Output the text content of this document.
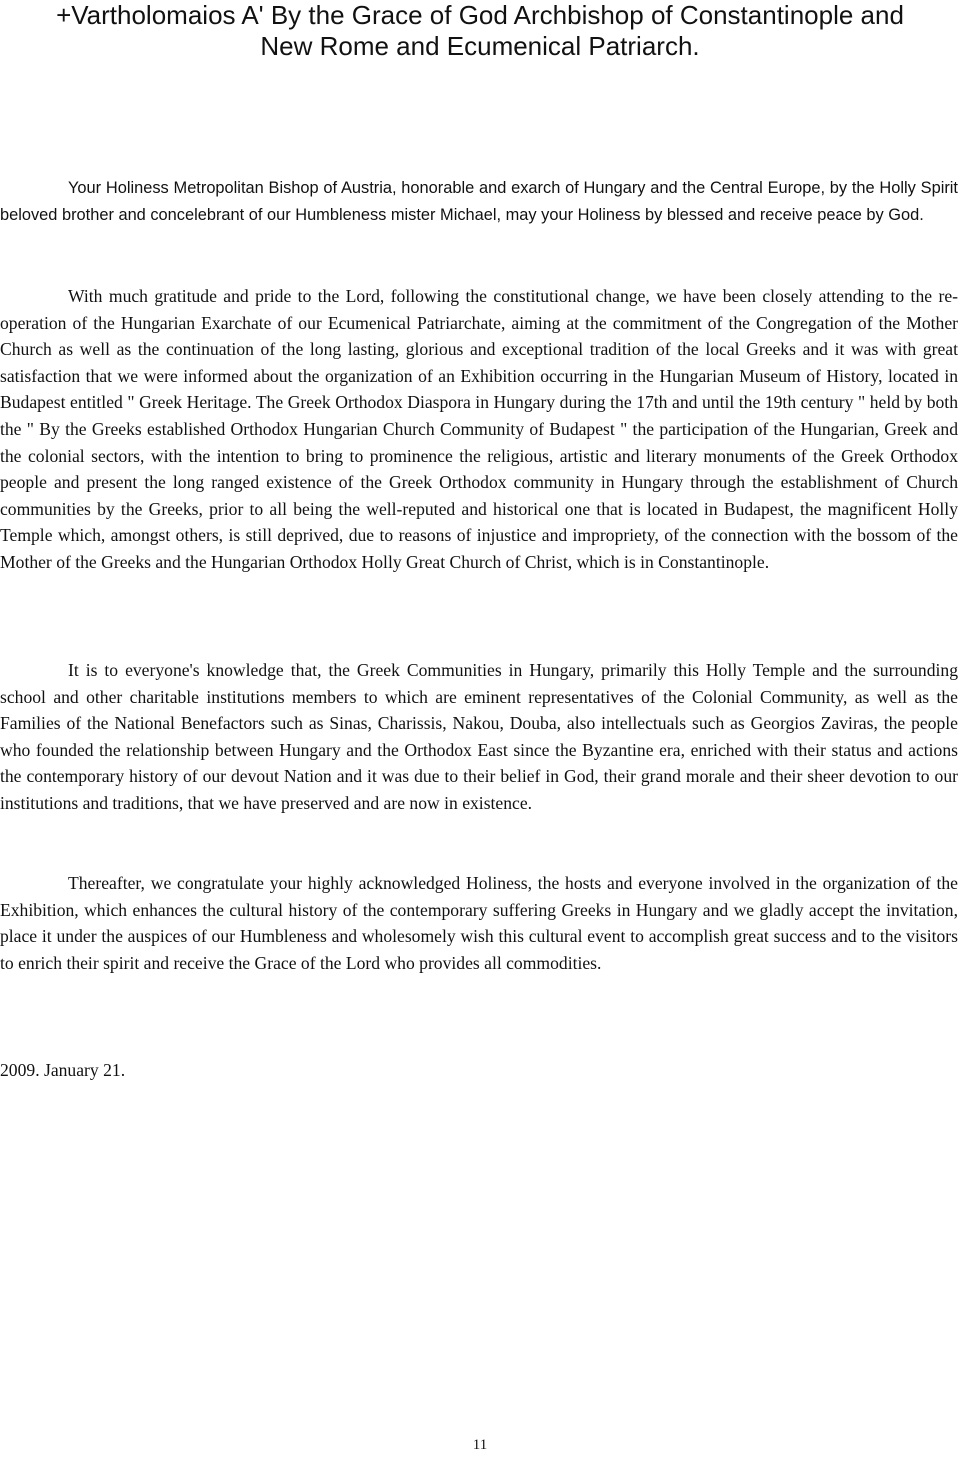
+Vartholomaios A' By the Grace of God Archbishop of Constantinople and
New Rome and Ecumenical Patriarch.

Your Holiness Metropolitan Bishop of Austria, honorable and exarch of Hungary and the Central Europe, by the Holly Spirit beloved brother and concelebrant of our Humbleness mister Michael, may your Holiness by blessed and receive peace by God.

With much gratitude and pride to the Lord, following the constitutional change, we have been closely attending to the re-operation of the Hungarian Exarchate of our Ecumenical Patriarchate, aiming at the commitment of the Congregation of the Mother Church as well as the continuation of the long lasting, glorious and exceptional tradition of the local Greeks and it was with great satisfaction that we were informed about the organization of an Exhibition occurring in the Hungarian Museum of History, located in Budapest entitled " Greek Heritage. The Greek Orthodox Diaspora in Hungary during the 17th and until the 19th century " held by both the " By the Greeks established Orthodox Hungarian Church Community of Budapest " the participation of the Hungarian, Greek and the colonial sectors, with the intention to bring to prominence the religious, artistic and literary monuments of the Greek Orthodox people and present the long ranged existence of the Greek Orthodox community in Hungary through the establishment of Church communities by the Greeks, prior to all being the well-reputed and historical one that is located in Budapest, the magnificent Holly Temple which, amongst others, is still deprived, due to reasons of injustice and impropriety, of the connection with the bossom of the Mother of the Greeks and the Hungarian Orthodox Holly Great Church of Christ, which is in Constantinople.

It is to everyone's knowledge that, the Greek Communities in Hungary, primarily this Holly Temple and the surrounding school and other charitable institutions members to which are eminent representatives of the Colonial Community, as well as the Families of the National Benefactors such as Sinas, Charissis, Nakou, Douba, also intellectuals such as Georgios Zaviras, the people who founded the relationship between Hungary and the Orthodox East since the Byzantine era, enriched with their status and actions the contemporary history of our devout Nation and it was due to their belief in God, their grand morale and their sheer devotion to our institutions and traditions, that we have preserved and are now in existence.

Thereafter, we congratulate your highly acknowledged Holiness, the hosts and everyone involved in the organization of the Exhibition, which enhances the cultural history of the contemporary suffering Greeks in Hungary and we gladly accept the invitation, place it under the auspices of our Humbleness and wholesomely wish this cultural event to accomplish great success and to the visitors to enrich their spirit and receive the Grace of the Lord who provides all commodities.

2009. January 21.

11
